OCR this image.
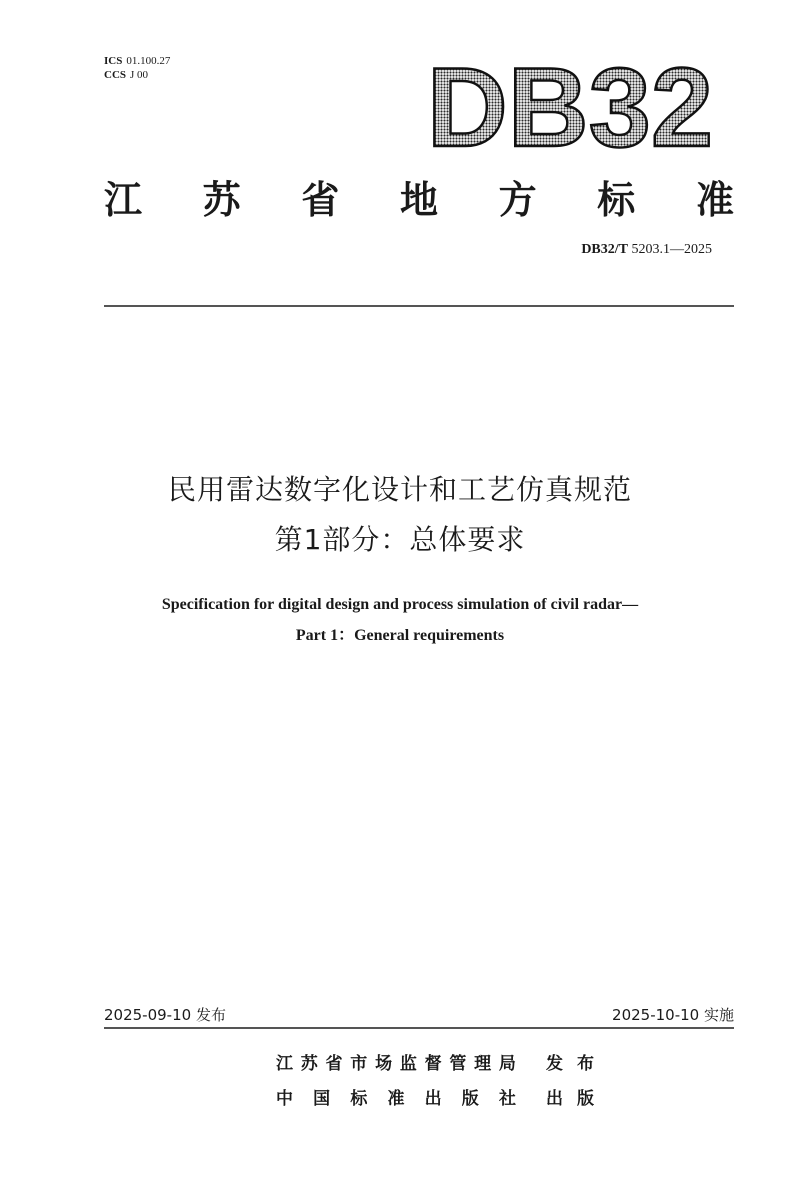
ICS 01.100.27
CCS J 00 DB32
江 苏 省 地 方 标 准
DB32/T 5203.1—2025
民用雷达数字化设计和工艺仿真规范
第1部分：总体要求
Specification for digital design and process simulation of civil radar—
Part 1：General requirements
2025-09-10 发布	2025-10-10 实施
江 苏 省 市 场 监 督 管 理 局 发 布
中 国 标 准 出 版 社 出 版
